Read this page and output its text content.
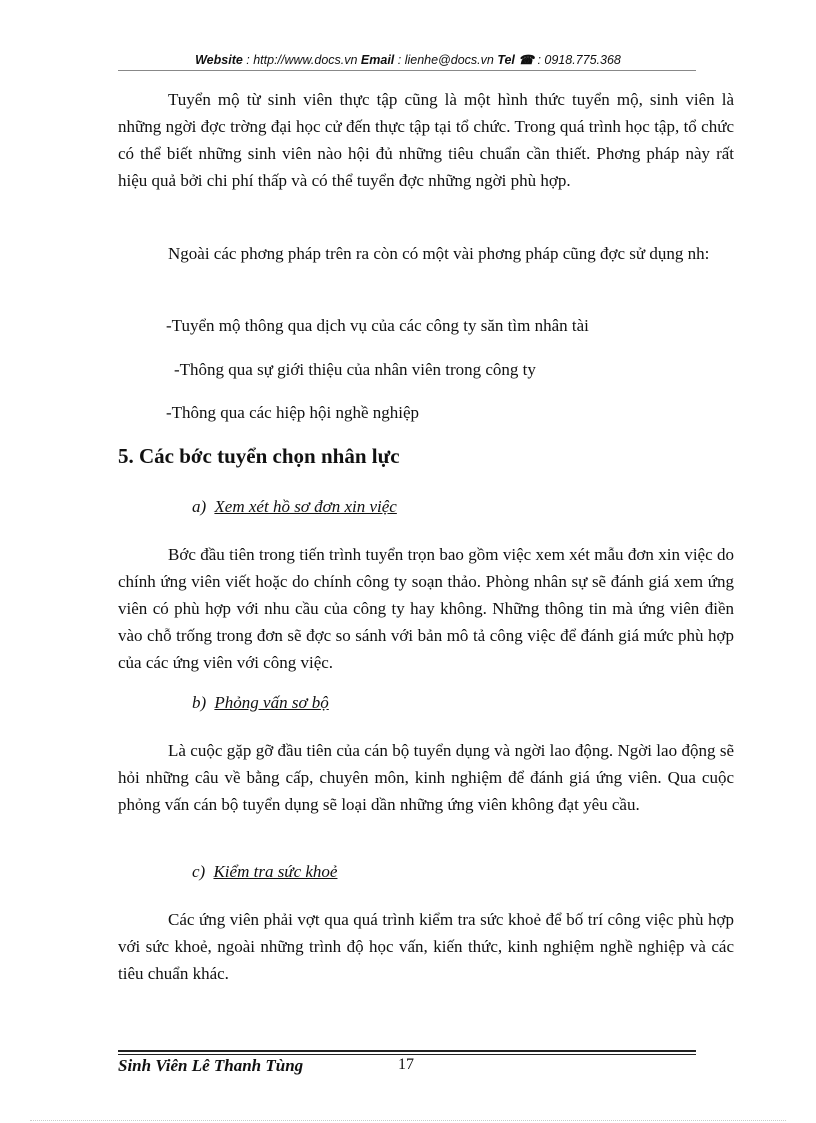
Website : http://www.docs.vn Email : lienhe@docs.vn Tel ☎ : 0918.775.368
Tuyển mộ từ sinh viên thực tập cũng là một hình thức tuyển mộ, sinh viên là những ngời đợc trờng đại học cử đến thực tập tại tổ chức. Trong quá trình học tập, tổ chức có thể biết những sinh viên nào hội đủ những tiêu chuẩn cần thiết. Phơng pháp này rất hiệu quả bởi chi phí thấp và có thể tuyển đợc những ngời phù hợp.
Ngoài các phơng pháp trên ra còn có một vài phơng pháp cũng đợc sử dụng nh:
-Tuyển mộ thông qua dịch vụ của các công ty săn tìm nhân tài
-Thông qua sự giới thiệu của nhân viên trong công ty
-Thông qua các hiệp hội nghề nghiệp
5. Các bớc tuyển chọn nhân lực
a) Xem xét hồ sơ đơn xin việc
Bớc đầu tiên trong tiến trình tuyển trọn bao gồm việc xem xét mẫu đơn xin việc do chính ứng viên viết hoặc do chính công ty soạn thảo. Phòng nhân sự sẽ đánh giá xem ứng viên có phù hợp với nhu cầu của công ty hay không. Những thông tin mà ứng viên điền vào chỗ trống trong đơn sẽ đợc so sánh với bản mô tả công việc để đánh giá mức phù hợp của các ứng viên với công việc.
b) Phỏng vấn sơ bộ
Là cuộc gặp gỡ đầu tiên của cán bộ tuyển dụng và ngời lao động. Ngời lao động sẽ hỏi những câu về bằng cấp, chuyên môn, kinh nghiệm để đánh giá ứng viên. Qua cuộc phỏng vấn cán bộ tuyển dụng sẽ loại dần những ứng viên không đạt yêu cầu.
c) Kiểm tra sức khoẻ
Các ứng viên phải vợt qua quá trình kiểm tra sức khoẻ để bố trí công việc phù hợp với sức khoẻ, ngoài những trình độ học vấn, kiến thức, kinh nghiệm nghề nghiệp và các tiêu chuẩn khác.
Sinh Viên Lê Thanh Tùng	17
